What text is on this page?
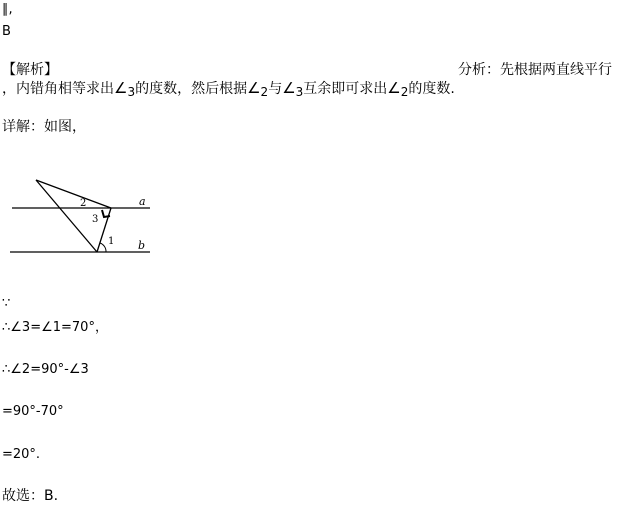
∥,
B
【解析】	分析：先根据两直线平行
，内错角相等求出∠3的度数，然后根据∠2与∠3互余即可求出∠2的度数.
详解：如图，
2
3
1
a
b
∵
∴∠3=∠1=70°，
∴∠2=90°-∠3
=90°-70°
=20°.
故选：B.
